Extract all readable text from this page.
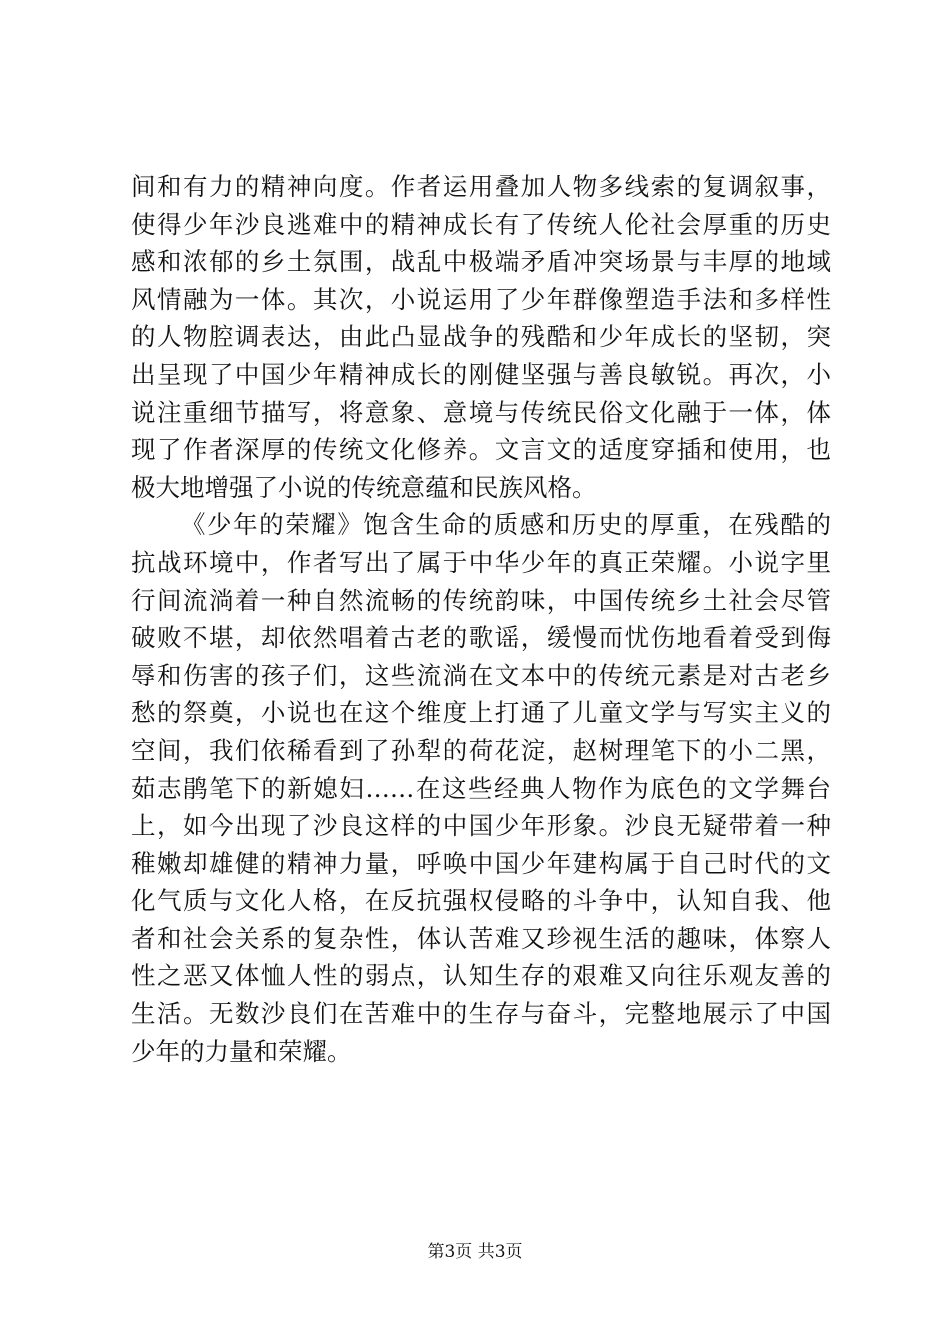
间和有力的精神向度。作者运用叠加人物多线索的复调叙事，
使得少年沙良逃难中的精神成长有了传统人伦社会厚重的历史
感和浓郁的乡土氛围，战乱中极端矛盾冲突场景与丰厚的地域
风情融为一体。其次，小说运用了少年群像塑造手法和多样性
的人物腔调表达，由此凸显战争的残酷和少年成长的坚韧，突
出呈现了中国少年精神成长的刚健坚强与善良敏锐。再次，小
说注重细节描写，将意象、意境与传统民俗文化融于一体，体
现了作者深厚的传统文化修养。文言文的适度穿插和使用，也
极大地增强了小说的传统意蕴和民族风格。
《少年的荣耀》饱含生命的质感和历史的厚重，在残酷的
抗战环境中，作者写出了属于中华少年的真正荣耀。小说字里
行间流淌着一种自然流畅的传统韵味，中国传统乡土社会尽管
破败不堪，却依然唱着古老的歌谣，缓慢而忧伤地看着受到侮
辱和伤害的孩子们，这些流淌在文本中的传统元素是对古老乡
愁的祭奠，小说也在这个维度上打通了儿童文学与写实主义的
空间，我们依稀看到了孙犁的荷花淀，赵树理笔下的小二黑，
茹志鹃笔下的新媳妇……在这些经典人物作为底色的文学舞台
上，如今出现了沙良这样的中国少年形象。沙良无疑带着一种
稚嫩却雄健的精神力量，呼唤中国少年建构属于自己时代的文
化气质与文化人格，在反抗强权侵略的斗争中，认知自我、他
者和社会关系的复杂性，体认苦难又珍视生活的趣味，体察人
性之恶又体恤人性的弱点，认知生存的艰难又向往乐观友善的
生活。无数沙良们在苦难中的生存与奋斗，完整地展示了中国
少年的力量和荣耀。
第3页 共3页
